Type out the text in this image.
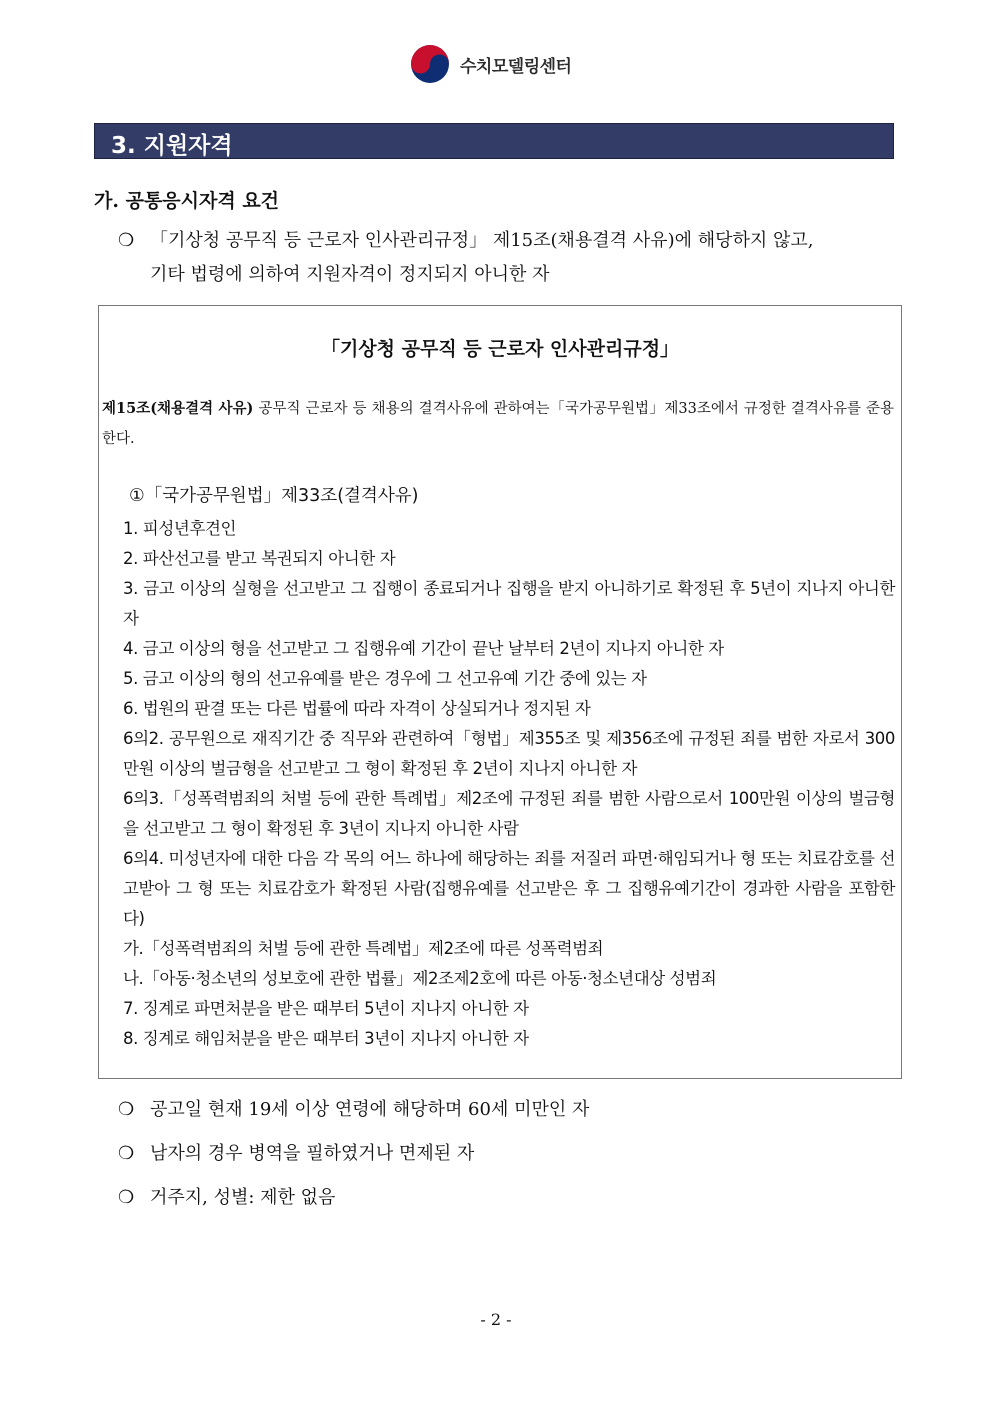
수치모델링센터
3. 지원자격
가. 공통응시자격 요건
❍ 「기상청 공무직 등 근로자 인사관리규정」 제15조(채용결격 사유)에 해당하지 않고,
기타 법령에 의하여 지원자격이 정지되지 아니한 자
「기상청 공무직 등 근로자 인사관리규정」
제15조(채용결격 사유) 공무직 근로자 등 채용의 결격사유에 관하여는「국가공무원법」제33조에서 규정한 결격사유를 준용한다.
①「국가공무원법」제33조(결격사유)
1. 피성년후견인
2. 파산선고를 받고 복권되지 아니한 자
3. 금고 이상의 실형을 선고받고 그 집행이 종료되거나 집행을 받지 아니하기로 확정된 후 5년이 지나지 아니한 자
4. 금고 이상의 형을 선고받고 그 집행유예 기간이 끝난 날부터 2년이 지나지 아니한 자
5. 금고 이상의 형의 선고유예를 받은 경우에 그 선고유예 기간 중에 있는 자
6. 법원의 판결 또는 다른 법률에 따라 자격이 상실되거나 정지된 자
6의2. 공무원으로 재직기간 중 직무와 관련하여「형법」제355조 및 제356조에 규정된 죄를 범한 자로서 300만원 이상의 벌금형을 선고받고 그 형이 확정된 후 2년이 지나지 아니한 자
6의3.「성폭력범죄의 처벌 등에 관한 특례법」제2조에 규정된 죄를 범한 사람으로서 100만원 이상의 벌금형을 선고받고 그 형이 확정된 후 3년이 지나지 아니한 사람
6의4. 미성년자에 대한 다음 각 목의 어느 하나에 해당하는 죄를 저질러 파면·해임되거나 형 또는 치료감호를 선고받아 그 형 또는 치료감호가 확정된 사람(집행유예를 선고받은 후 그 집행유예기간이 경과한 사람을 포함한다)
가.「성폭력범죄의 처벌 등에 관한 특례법」제2조에 따른 성폭력범죄
나.「아동·청소년의 성보호에 관한 법률」제2조제2호에 따른 아동·청소년대상 성범죄
7. 징계로 파면처분을 받은 때부터 5년이 지나지 아니한 자
8. 징계로 해임처분을 받은 때부터 3년이 지나지 아니한 자
❍ 공고일 현재 19세 이상 연령에 해당하며 60세 미만인 자
❍ 남자의 경우 병역을 필하였거나 면제된 자
❍ 거주지, 성별: 제한 없음
- 2 -
